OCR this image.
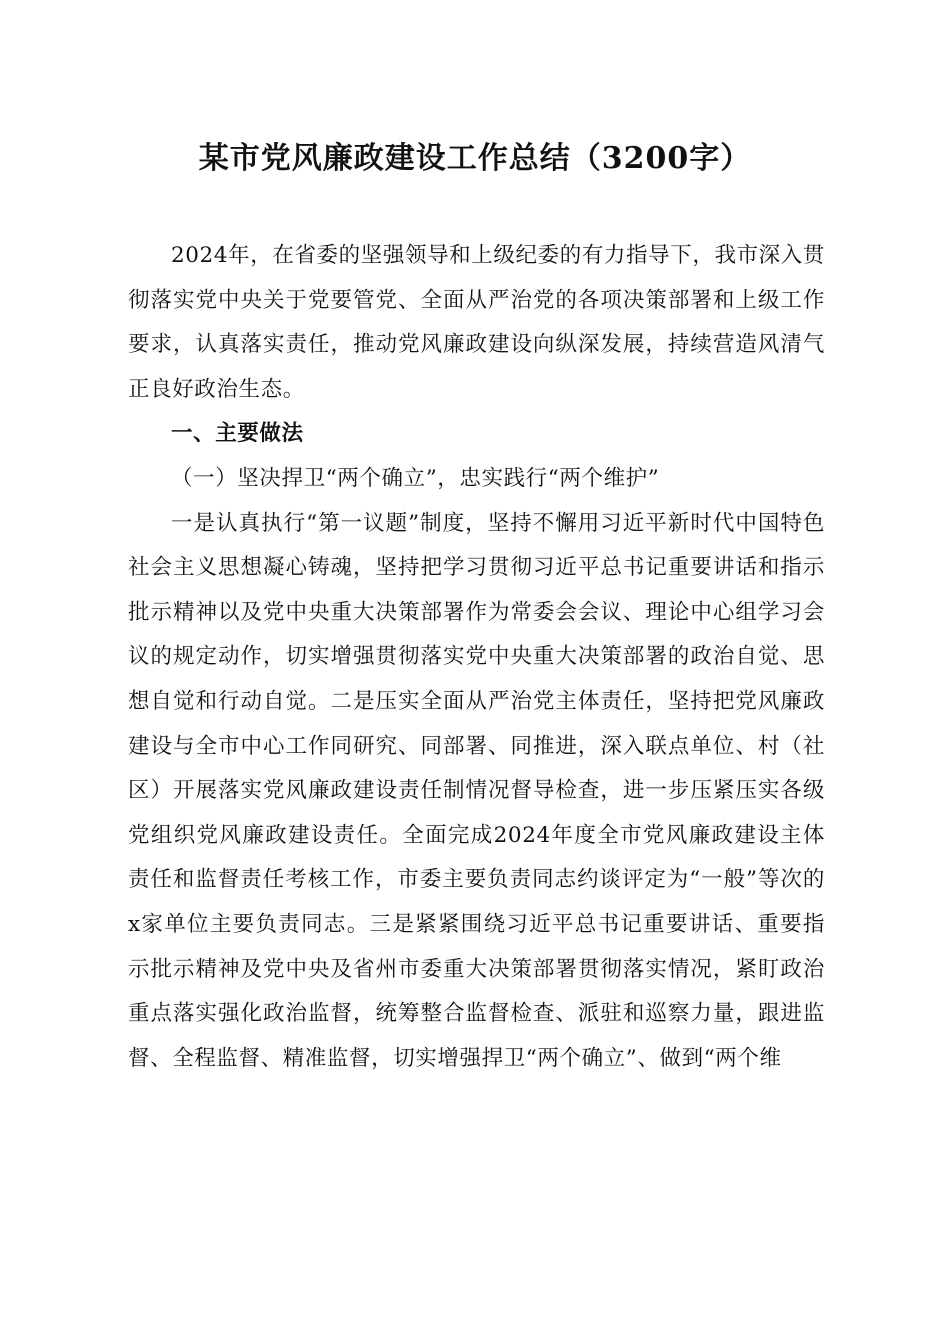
某市党风廉政建设工作总结（3200字）

2024年，在省委的坚强领导和上级纪委的有力指导下，我市深入贯彻落实党中央关于党要管党、全面从严治党的各项决策部署和上级工作要求，认真落实责任，推动党风廉政建设向纵深发展，持续营造风清气正良好政治生态。

一、主要做法

（一）坚决捍卫“两个确立”，忠实践行“两个维护”

一是认真执行“第一议题”制度，坚持不懈用习近平新时代中国特色社会主义思想凝心铸魂，坚持把学习贯彻习近平总书记重要讲话和指示批示精神以及党中央重大决策部署作为常委会会议、理论中心组学习会议的规定动作，切实增强贯彻落实党中央重大决策部署的政治自觉、思想自觉和行动自觉。二是压实全面从严治党主体责任，坚持把党风廉政建设与全市中心工作同研究、同部署、同推进，深入联点单位、村（社区）开展落实党风廉政建设责任制情况督导检查，进一步压紧压实各级党组织党风廉政建设责任。全面完成2024年度全市党风廉政建设主体责任和监督责任考核工作，市委主要负责同志约谈评定为“一般”等次的x家单位主要负责同志。三是紧紧围绕习近平总书记重要讲话、重要指示批示精神及党中央及省州市委重大决策部署贯彻落实情况，紧盯政治重点落实强化政治监督，统筹整合监督检查、派驻和巡察力量，跟进监督、全程监督、精准监督，切实增强捍卫“两个确立”、做到“两个维
